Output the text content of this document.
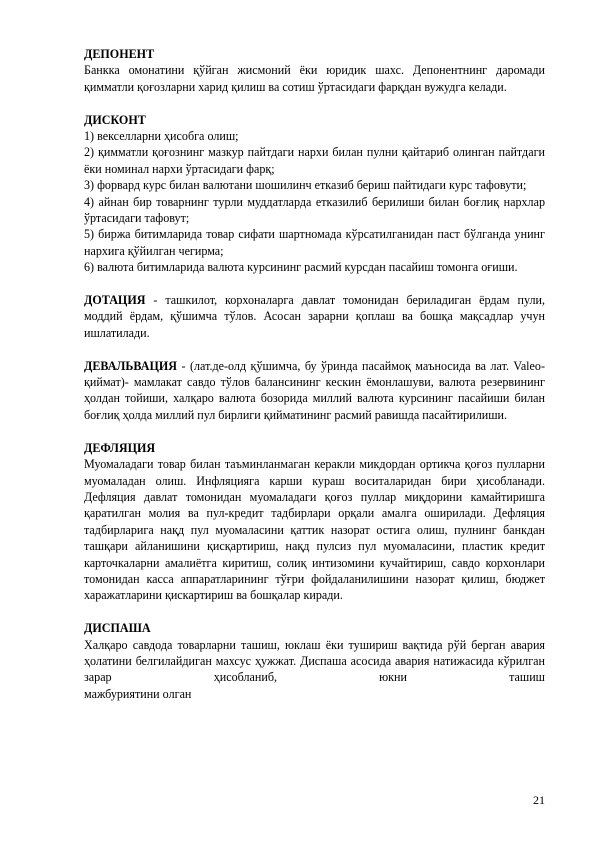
ДЕПОНЕНТ

Банкка омонатини қўйган жисмоний ёки юридик шахс. Депонентнинг даромади қимматли қоғозларни харид қилиш ва сотиш ўртасидаги фарқдан вужудга келади.

ДИСКОНТ

1) векселларни ҳисобга олиш;

2) қимматли қоғознинг мазкур пайтдаги нархи билан пулни қайтариб олинган пайтдаги ёки номинал нархи ўртасидаги фарқ;

3) форвард курс билан валютани шошилинч етказиб бериш пайтидаги курс тафовути;

4) айнан бир товарнинг турли муддатларда етказилиб берилиши билан боғлиқ нархлар ўртасидаги тафовут;

5) биржа битимларида товар сифати шартномада кўрсатилганидан паст бўлганда унинг нархига қўйилган чегирма;

6) валюта битимларида валюта курсининг расмий курсдан пасайиш томонга оғиши.

ДОТАЦИЯ - ташкилот, корхоналарга давлат томонидан бериладиган ёрдам пули, моддий ёрдам, қўшимча тўлов. Асосан зарарни қоплаш ва бошқа мақсадлар учун ишлатилади.

ДЕВАЛЬВАЦИЯ - (лат.де-олд қўшимча, бу ўринда пасаймоқ маъносида ва лат. Valeo- қиймат)- мамлакат савдо тўлов балансининг кескин ёмонлашуви, валюта резервининг ҳолдан тойиши, халқаро валюта бозорида миллий валюта курсининг пасайиши билан боғлиқ ҳолда миллий пул бирлиги қийматининг расмий равишда пасайтирилиши.

ДЕФЛЯЦИЯ

Муомаладаги товар билан таъминланмаган керакли микдордан ортикча қоғоз пулларни муомаладан олиш. Инфляцияга карши кураш воситаларидан бири ҳисобланади. Дефляция давлат томонидан муомаладаги қоғоз пуллар миқдорини камайтиришга қаратилган молия ва пул-кредит тадбирлари орқали амалга оширилади. Дефляция тадбирларига нақд пул муомаласини қаттик назорат остига олиш, пулнинг банкдан ташқари айланишини қисқартириш, нақд пулсиз пул муомаласини, пластик кредит карточкаларни амалиётга киритиш, солиқ интизомини кучайтириш, савдо корхонлари томонидан касса аппаратларининг тўғри фойдаланилишини назорат қилиш, бюджет харажатларини қискартириш ва бошқалар киради.

ДИСПАША

Халқаро савдода товарларни ташиш, юклаш ёки тушириш вақтида рўй берган авария ҳолатини белгилайдиган махсус ҳужжат. Диспаша асосида авария натижасида кўрилган зарар ҳисобланиб, юкни ташиш

мажбуриятини олган

21
